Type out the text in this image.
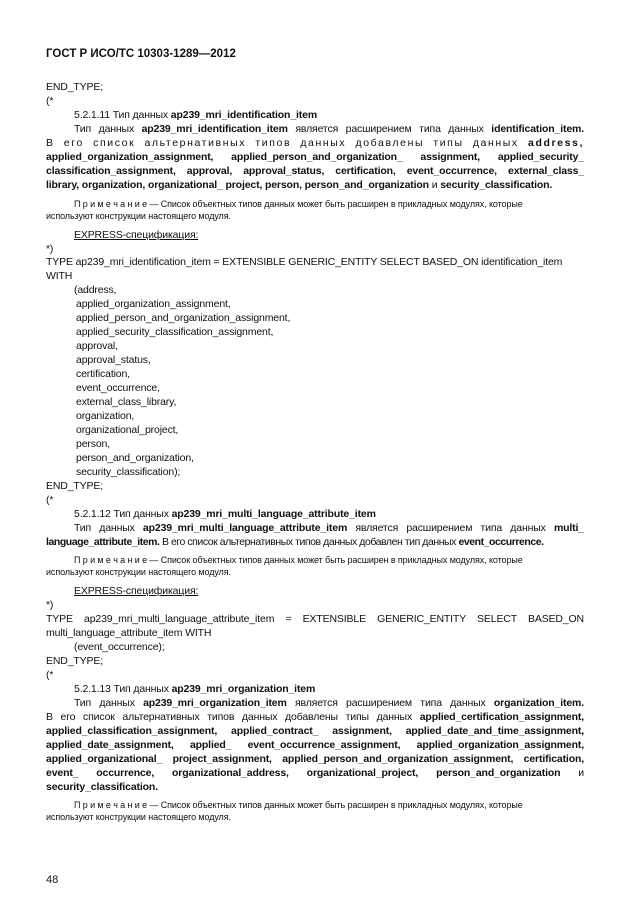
ГОСТ Р ИСО/ТС 10303-1289—2012
END_TYPE;
(*
5.2.1.11 Тип данных ap239_mri_identification_item
Тип данных ap239_mri_identification_item является расширением типа данных identification_item.
В его список альтернативных типов данных добавлены типы данных address,
applied_organization_assignment, applied_person_and_organization_ assignment, applied_security_
classification_assignment, approval, approval_status, certification, event_occurrence, external_class_
library, organization, organizational_ project, person, person_and_organization и security_classification.
П р и м е ч а н и е — Список объектных типов данных может быть расширен в прикладных модулях, которые
используют конструкции настоящего модуля.
EXPRESS-спецификация:
*)
TYPE ap239_mri_identification_item = EXTENSIBLE GENERIC_ENTITY SELECT BASED_ON identification_item
WITH
(address,
applied_organization_assignment,
applied_person_and_organization_assignment,
applied_security_classification_assignment,
approval,
approval_status,
certification,
event_occurrence,
external_class_library,
organization,
organizational_project,
person,
person_and_organization,
security_classification);
END_TYPE;
(*
5.2.1.12 Тип данных ap239_mri_multi_language_attribute_item
Тип данных ap239_mri_multi_language_attribute_item является расширением типа данных multi_
language_attribute_item. В его список альтернативных типов данных добавлен тип данных event_occurrence.
П р и м е ч а н и е — Список объектных типов данных может быть расширен в прикладных модулях, которые
используют конструкции настоящего модуля.
EXPRESS-спецификация:
*)
TYPE ap239_mri_multi_language_attribute_item = EXTENSIBLE GENERIC_ENTITY SELECT BASED_ON
multi_language_attribute_item WITH
(event_occurrence);
END_TYPE;
(*
5.2.1.13 Тип данных ap239_mri_organization_item
Тип данных ap239_mri_organization_item является расширением типа данных organization_item.
В его список альтернативных типов данных добавлены типы данных applied_certification_assignment,
applied_classification_assignment, applied_contract_ assignment, applied_date_and_time_assignment,
applied_date_assignment, applied_ event_occurrence_assignment, applied_organization_assignment,
applied_organizational_ project_assignment, applied_person_and_organization_assignment, certification,
event_ occurrence, organizational_address, organizational_project, person_and_organization и
security_classification.
П р и м е ч а н и е — Список объектных типов данных может быть расширен в прикладных модулях, которые
используют конструкции настоящего модуля.
48
